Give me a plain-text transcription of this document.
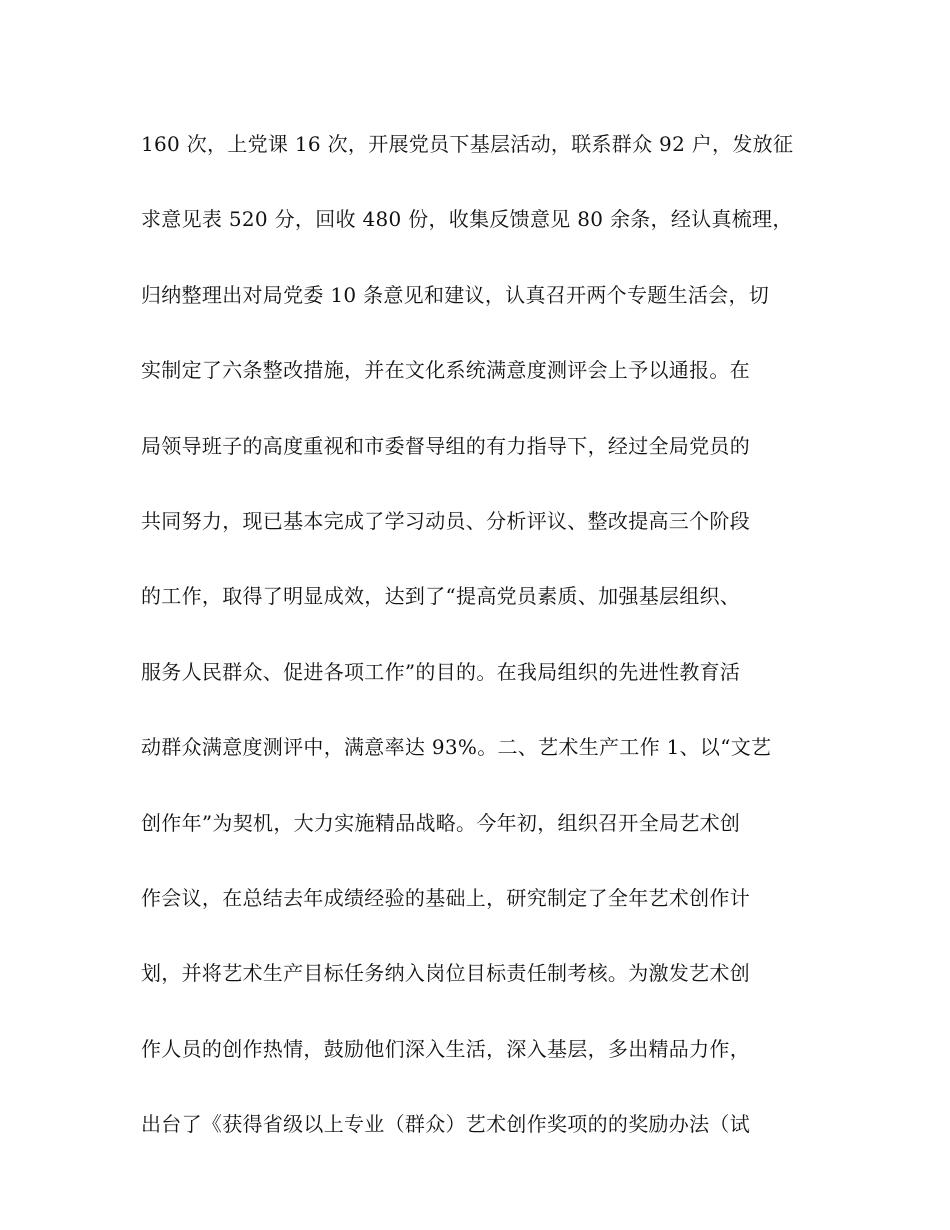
160 次，上党课 16 次，开展党员下基层活动，联系群众 92 户，发放征
求意见表 520 分，回收 480 份，收集反馈意见 80 余条，经认真梳理，
归纳整理出对局党委 10 条意见和建议，认真召开两个专题生活会，切
实制定了六条整改措施，并在文化系统满意度测评会上予以通报。在
局领导班子的高度重视和市委督导组的有力指导下，经过全局党员的
共同努力，现已基本完成了学习动员、分析评议、整改提高三个阶段
的工作，取得了明显成效，达到了“提高党员素质、加强基层组织、
服务人民群众、促进各项工作”的目的。在我局组织的先进性教育活
动群众满意度测评中，满意率达 93%。二、艺术生产工作 1、以“文艺
创作年”为契机，大力实施精品战略。今年初，组织召开全局艺术创
作会议，在总结去年成绩经验的基础上，研究制定了全年艺术创作计
划，并将艺术生产目标任务纳入岗位目标责任制考核。为激发艺术创
作人员的创作热情，鼓励他们深入生活，深入基层，多出精品力作，
出台了《获得省级以上专业（群众）艺术创作奖项的的奖励办法（试
